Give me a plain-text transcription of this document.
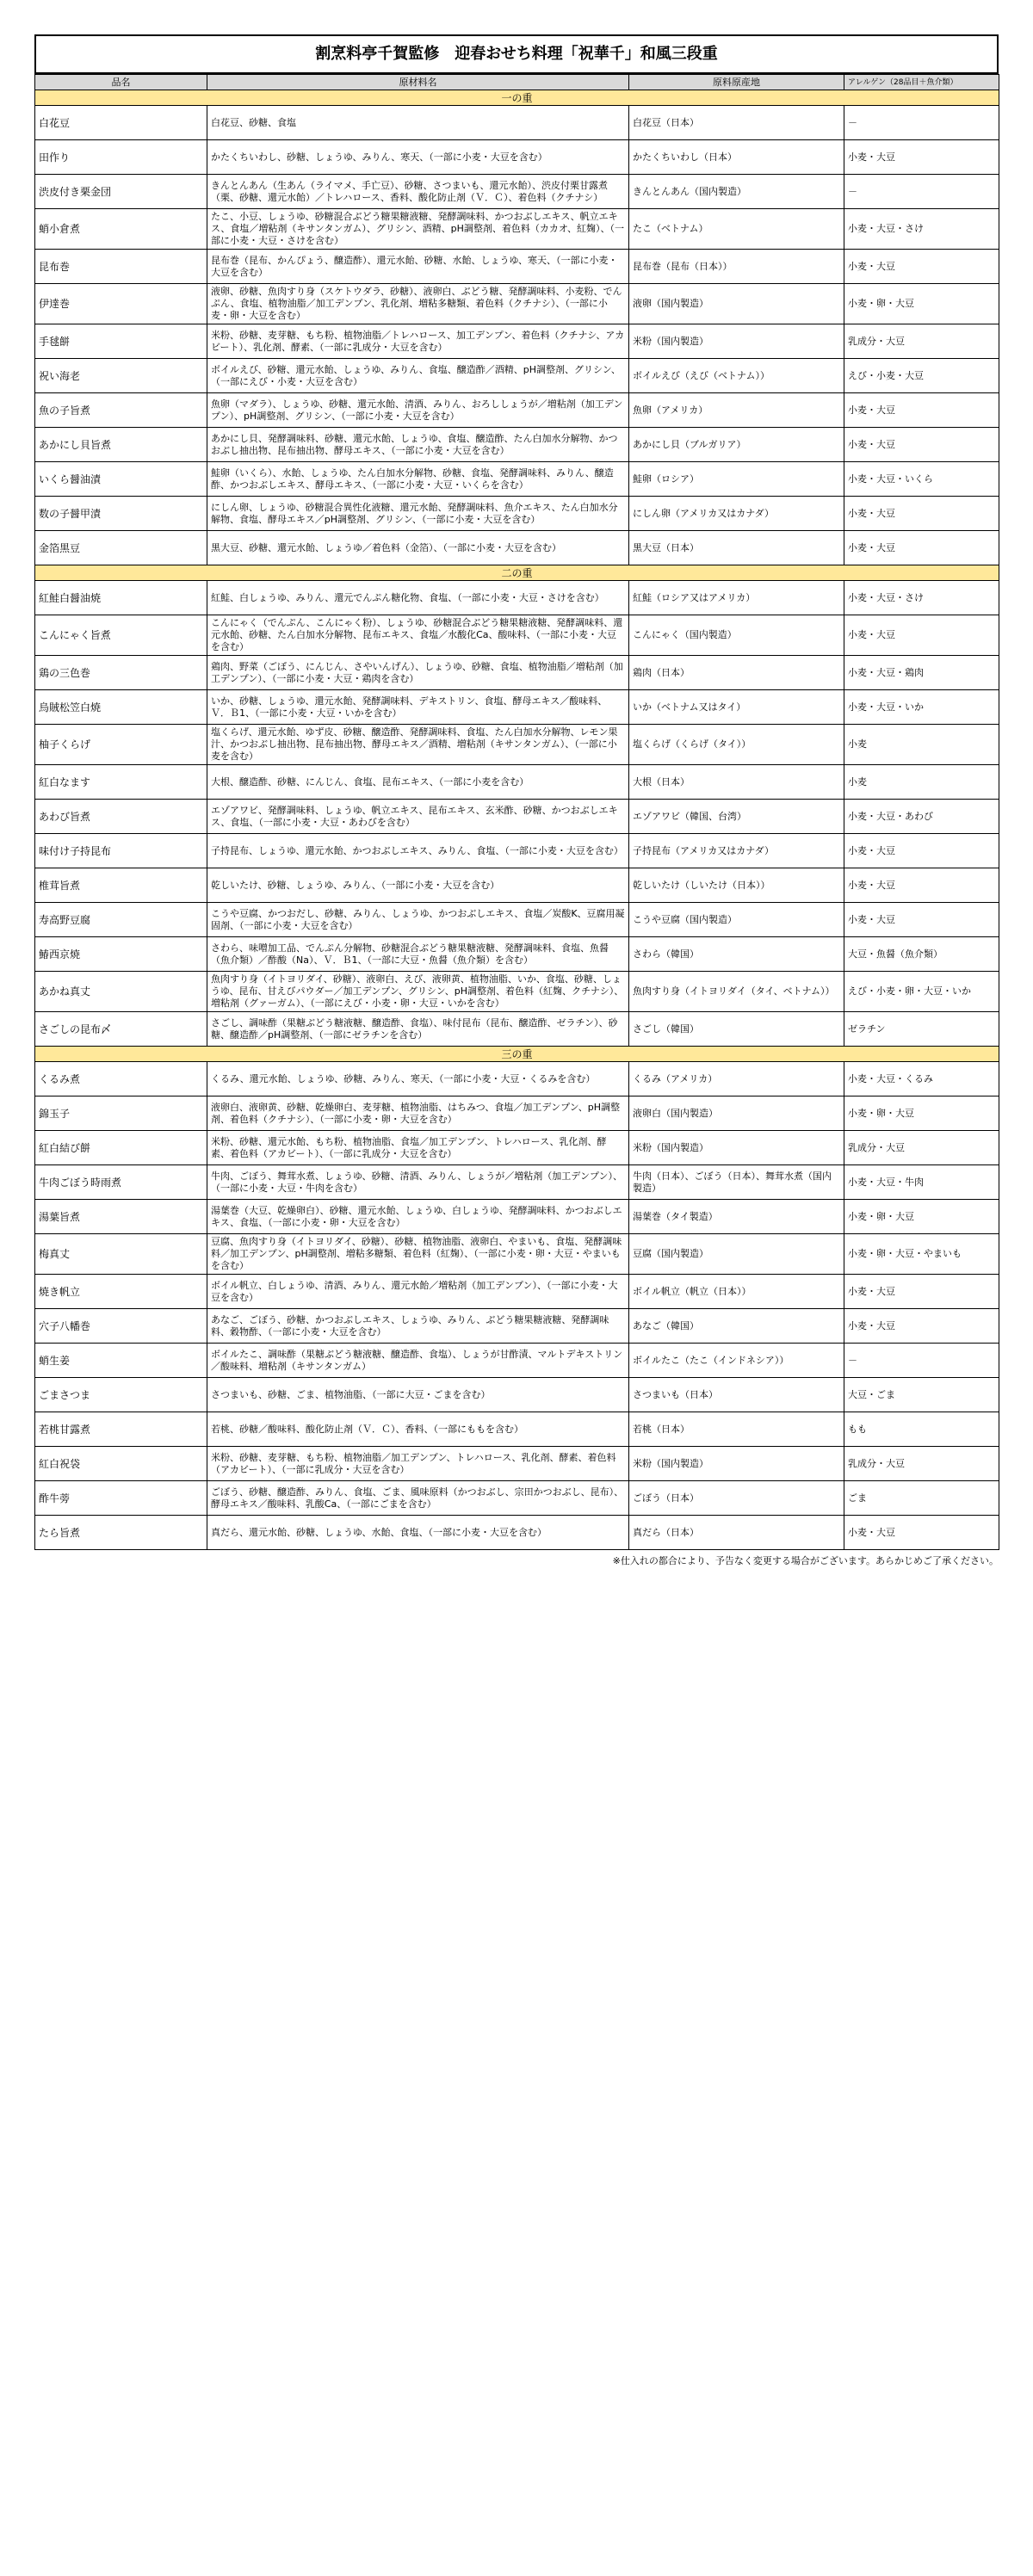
割烹料亭千賀監修　迎春おせち料理「祝華千」和風三段重
品名	原材料名	原料原産地	アレルゲン（28品目＋魚介類）
一の重			
白花豆	白花豆、砂糖、食塩	白花豆（日本）	－
田作り	かたくちいわし、砂糖、しょうゆ、みりん、寒天、（一部に小麦・大豆を含む）	かたくちいわし（日本）	小麦・大豆
渋皮付き栗金団	きんとんあん（生あん（ライマメ、手亡豆）、砂糖、さつまいも、還元水飴）、渋皮付栗甘露煮（栗、砂糖、還元水飴）／トレハロース、香料、酸化防止剤（Ｖ．Ｃ）、着色料（クチナシ）	きんとんあん（国内製造）	－
蛸小倉煮	たこ、小豆、しょうゆ、砂糖混合ぶどう糖果糖液糖、発酵調味料、かつおぶしエキス、帆立エキス、食塩／増粘剤（キサンタンガム）、グリシン、酒精、pH調整剤、着色料（カカオ、紅麹）、（一部に小麦・大豆・さけを含む）	たこ（ベトナム）	小麦・大豆・さけ
昆布巻	昆布巻（昆布、かんぴょう、醸造酢）、還元水飴、砂糖、水飴、しょうゆ、寒天、（一部に小麦・大豆を含む）	昆布巻（昆布（日本））	小麦・大豆
伊達巻	液卵、砂糖、魚肉すり身（スケトウダラ、砂糖）、液卵白、ぶどう糖、発酵調味料、小麦粉、でんぷん、食塩、植物油脂／加工デンプン、乳化剤、増粘多糖類、着色料（クチナシ）、（一部に小麦・卵・大豆を含む）	液卵（国内製造）	小麦・卵・大豆
手毬餅	米粉、砂糖、麦芽糖、もち粉、植物油脂／トレハロース、加工デンプン、着色料（クチナシ、アカビート）、乳化剤、酵素、（一部に乳成分・大豆を含む）	米粉（国内製造）	乳成分・大豆
祝い海老	ボイルえび、砂糖、還元水飴、しょうゆ、みりん、食塩、醸造酢／酒精、pH調整剤、グリシン、（一部にえび・小麦・大豆を含む）	ボイルえび（えび（ベトナム））	えび・小麦・大豆
魚の子旨煮	魚卵（マダラ）、しょうゆ、砂糖、還元水飴、清酒、みりん、おろししょうが／増粘剤（加工デンプン）、pH調整剤、グリシン、（一部に小麦・大豆を含む）	魚卵（アメリカ）	小麦・大豆
あかにし貝旨煮	あかにし貝、発酵調味料、砂糖、還元水飴、しょうゆ、食塩、醸造酢、たん白加水分解物、かつおぶし抽出物、昆布抽出物、酵母エキス、（一部に小麦・大豆を含む）	あかにし貝（ブルガリア）	小麦・大豆
いくら醤油漬	鮭卵（いくら）、水飴、しょうゆ、たん白加水分解物、砂糖、食塩、発酵調味料、みりん、醸造酢、かつおぶしエキス、酵母エキス、（一部に小麦・大豆・いくらを含む）	鮭卵（ロシア）	小麦・大豆・いくら
数の子醤甲漬	にしん卵、しょうゆ、砂糖混合異性化液糖、還元水飴、発酵調味料、魚介エキス、たん白加水分解物、食塩、酵母エキス／pH調整剤、グリシン、（一部に小麦・大豆を含む）	にしん卵（アメリカ又はカナダ）	小麦・大豆
金箔黒豆	黒大豆、砂糖、還元水飴、しょうゆ／着色料（金箔）、（一部に小麦・大豆を含む）	黒大豆（日本）	小麦・大豆
二の重			
紅鮭白醤油焼	紅鮭、白しょうゆ、みりん、還元でんぷん糖化物、食塩、（一部に小麦・大豆・さけを含む）	紅鮭（ロシア又はアメリカ）	小麦・大豆・さけ
こんにゃく旨煮	こんにゃく（でんぷん、こんにゃく粉）、しょうゆ、砂糖混合ぶどう糖果糖液糖、発酵調味料、還元水飴、砂糖、たん白加水分解物、昆布エキス、食塩／水酸化Ca、酸味料、（一部に小麦・大豆を含む）	こんにゃく（国内製造）	小麦・大豆
鶏の三色巻	鶏肉、野菜（ごぼう、にんじん、さやいんげん）、しょうゆ、砂糖、食塩、植物油脂／増粘剤（加工デンプン）、（一部に小麦・大豆・鶏肉を含む）	鶏肉（日本）	小麦・大豆・鶏肉
烏賊松笠白焼	いか、砂糖、しょうゆ、還元水飴、発酵調味料、デキストリン、食塩、酵母エキス／酸味料、Ｖ．Ｂ1、（一部に小麦・大豆・いかを含む）	いか（ベトナム又はタイ）	小麦・大豆・いか
柚子くらげ	塩くらげ、還元水飴、ゆず皮、砂糖、醸造酢、発酵調味料、食塩、たん白加水分解物、レモン果汁、かつおぶし抽出物、昆布抽出物、酵母エキス／酒精、増粘剤（キサンタンガム）、（一部に小麦を含む）	塩くらげ（くらげ（タイ））	小麦
紅白なます	大根、醸造酢、砂糖、にんじん、食塩、昆布エキス、（一部に小麦を含む）	大根（日本）	小麦
あわび旨煮	エゾアワビ、発酵調味料、しょうゆ、帆立エキス、昆布エキス、玄米酢、砂糖、かつおぶしエキス、食塩、（一部に小麦・大豆・あわびを含む）	エゾアワビ（韓国、台湾）	小麦・大豆・あわび
味付け子持昆布	子持昆布、しょうゆ、還元水飴、かつおぶしエキス、みりん、食塩、（一部に小麦・大豆を含む）	子持昆布（アメリカ又はカナダ）	小麦・大豆
椎茸旨煮	乾しいたけ、砂糖、しょうゆ、みりん、（一部に小麦・大豆を含む）	乾しいたけ（しいたけ（日本））	小麦・大豆
寿高野豆腐	こうや豆腐、かつおだし、砂糖、みりん、しょうゆ、かつおぶしエキス、食塩／炭酸K、豆腐用凝固剤、（一部に小麦・大豆を含む）	こうや豆腐（国内製造）	小麦・大豆
鰆西京焼	さわら、味噌加工品、でんぷん分解物、砂糖混合ぶどう糖果糖液糖、発酵調味料、食塩、魚醤（魚介類）／酢酸（Na）、Ｖ．Ｂ1、（一部に大豆・魚醤（魚介類）を含む）	さわら（韓国）	大豆・魚醤（魚介類）
あかね真丈	魚肉すり身（イトヨリダイ、砂糖）、液卵白、えび、液卵黄、植物油脂、いか、食塩、砂糖、しょうゆ、昆布、甘えびパウダー／加工デンプン、グリシン、pH調整剤、着色料（紅麹、クチナシ）、増粘剤（グァーガム）、（一部にえび・小麦・卵・大豆・いかを含む）	魚肉すり身（イトヨリダイ（タイ、ベトナム））	えび・小麦・卵・大豆・いか
さごしの昆布〆	さごし、調味酢（果糖ぶどう糖液糖、醸造酢、食塩）、味付昆布（昆布、醸造酢、ゼラチン）、砂糖、醸造酢／pH調整剤、（一部にゼラチンを含む）	さごし（韓国）	ゼラチン
三の重			
くるみ煮	くるみ、還元水飴、しょうゆ、砂糖、みりん、寒天、（一部に小麦・大豆・くるみを含む）	くるみ（アメリカ）	小麦・大豆・くるみ
錦玉子	液卵白、液卵黄、砂糖、乾燥卵白、麦芽糖、植物油脂、はちみつ、食塩／加工デンプン、pH調整剤、着色料（クチナシ）、（一部に小麦・卵・大豆を含む）	液卵白（国内製造）	小麦・卵・大豆
紅白結び餅	米粉、砂糖、還元水飴、もち粉、植物油脂、食塩／加工デンプン、トレハロース、乳化剤、酵素、着色料（アカビート）、（一部に乳成分・大豆を含む）	米粉（国内製造）	乳成分・大豆
牛肉ごぼう時雨煮	牛肉、ごぼう、舞茸水煮、しょうゆ、砂糖、清酒、みりん、しょうが／増粘剤（加工デンプン）、（一部に小麦・大豆・牛肉を含む）	牛肉（日本）、ごぼう（日本）、舞茸水煮（国内製造）	小麦・大豆・牛肉
湯葉旨煮	湯葉巻（大豆、乾燥卵白）、砂糖、還元水飴、しょうゆ、白しょうゆ、発酵調味料、かつおぶしエキス、食塩、（一部に小麦・卵・大豆を含む）	湯葉巻（タイ製造）	小麦・卵・大豆
梅真丈	豆腐、魚肉すり身（イトヨリダイ、砂糖）、砂糖、植物油脂、液卵白、やまいも、食塩、発酵調味料／加工デンプン、pH調整剤、増粘多糖類、着色料（紅麹）、（一部に小麦・卵・大豆・やまいもを含む）	豆腐（国内製造）	小麦・卵・大豆・やまいも
焼き帆立	ボイル帆立、白しょうゆ、清酒、みりん、還元水飴／増粘剤（加工デンプン）、（一部に小麦・大豆を含む）	ボイル帆立（帆立（日本））	小麦・大豆
穴子八幡巻	あなご、ごぼう、砂糖、かつおぶしエキス、しょうゆ、みりん、ぶどう糖果糖液糖、発酵調味料、穀物酢、（一部に小麦・大豆を含む）	あなご（韓国）	小麦・大豆
蛸生姜	ボイルたこ、調味酢（果糖ぶどう糖液糖、醸造酢、食塩）、しょうが甘酢漬、マルトデキストリン／酸味料、増粘剤（キサンタンガム）	ボイルたこ（たこ（インドネシア））	－
ごまさつま	さつまいも、砂糖、ごま、植物油脂、（一部に大豆・ごまを含む）	さつまいも（日本）	大豆・ごま
若桃甘露煮	若桃、砂糖／酸味料、酸化防止剤（Ｖ．Ｃ）、香料、（一部にももを含む）	若桃（日本）	もも
紅白祝袋	米粉、砂糖、麦芽糖、もち粉、植物油脂／加工デンプン、トレハロース、乳化剤、酵素、着色料（アカビート）、（一部に乳成分・大豆を含む）	米粉（国内製造）	乳成分・大豆
酢牛蒡	ごぼう、砂糖、醸造酢、みりん、食塩、ごま、風味原料（かつおぶし、宗田かつおぶし、昆布）、酵母エキス／酸味料、乳酸Ca、（一部にごまを含む）	ごぼう（日本）	ごま
たら旨煮	真だら、還元水飴、砂糖、しょうゆ、水飴、食塩、（一部に小麦・大豆を含む）	真だら（日本）	小麦・大豆
※仕入れの都合により、予告なく変更する場合がございます。あらかじめご了承ください。
